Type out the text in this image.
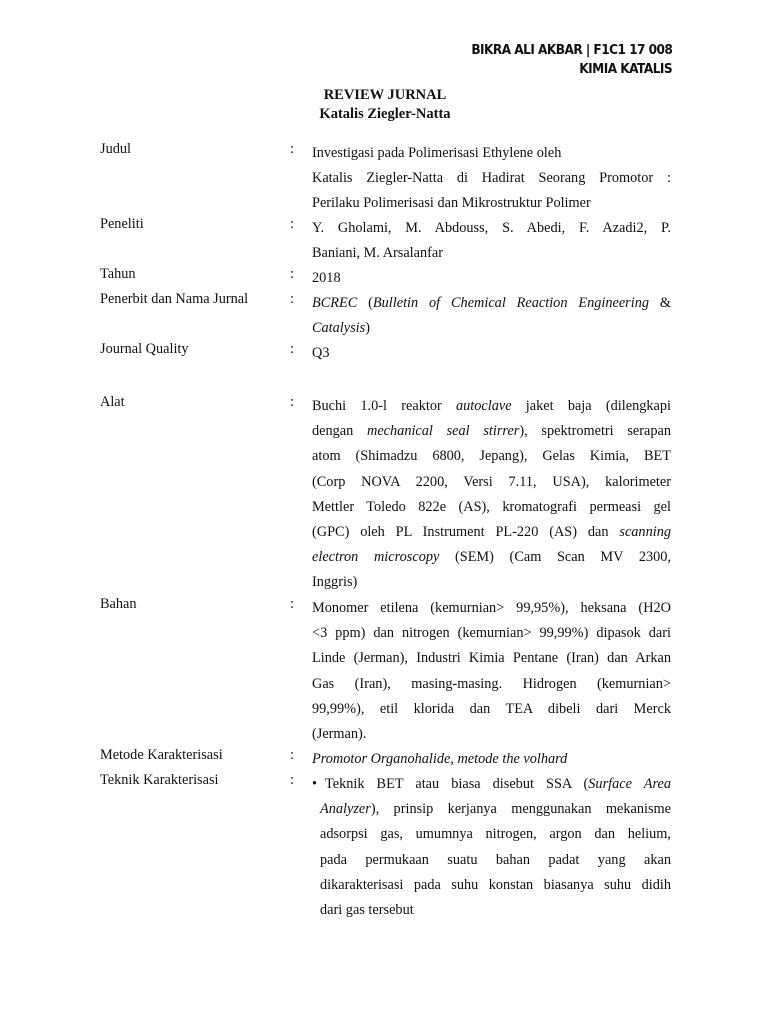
BIKRA ALI AKBAR | F1C1 17 008
KIMIA KATALIS
REVIEW JURNAL
Katalis Ziegler-Natta
Judul	: Investigasi pada Polimerisasi Ethylene oleh
Katalis Ziegler-Natta di Hadirat Seorang Promotor :
Perilaku Polimerisasi dan Mikrostruktur Polimer
Peneliti	: Y. Gholami, M. Abdouss, S. Abedi, F. Azadi2, P.
Baniani, M. Arsalanfar
Tahun	: 2018
Penerbit dan Nama Jurnal	: BCREC (Bulletin of Chemical Reaction Engineering &
Catalysis)
Journal Quality	: Q3
Alat	: Buchi 1.0-l reaktor autoclave jaket baja (dilengkapi
dengan mechanical seal stirrer), spektrometri serapan
atom (Shimadzu 6800, Jepang), Gelas Kimia, BET
(Corp NOVA 2200, Versi 7.11, USA), kalorimeter
Mettler Toledo 822e (AS), kromatografi permeasi gel
(GPC) oleh PL Instrument PL-220 (AS) dan scanning
electron microscopy (SEM) (Cam Scan MV 2300,
Inggris)
Bahan	: Monomer etilena (kemurnian> 99,95%), heksana (H2O
<3 ppm) dan nitrogen (kemurnian> 99,99%) dipasok dari
Linde (Jerman), Industri Kimia Pentane (Iran) dan Arkan
Gas (Iran), masing-masing. Hidrogen (kemurnian>
99,99%), etil klorida dan TEA dibeli dari Merck
(Jerman).
Metode Karakterisasi	: Promotor Organohalide, metode the volhard
Teknik Karakterisasi	: • Teknik BET atau biasa disebut SSA (Surface Area
Analyzer), prinsip kerjanya menggunakan mekanisme
adsorpsi gas, umumnya nitrogen, argon dan helium,
pada permukaan suatu bahan padat yang akan
dikarakterisasi pada suhu konstan biasanya suhu didih
dari gas tersebut
